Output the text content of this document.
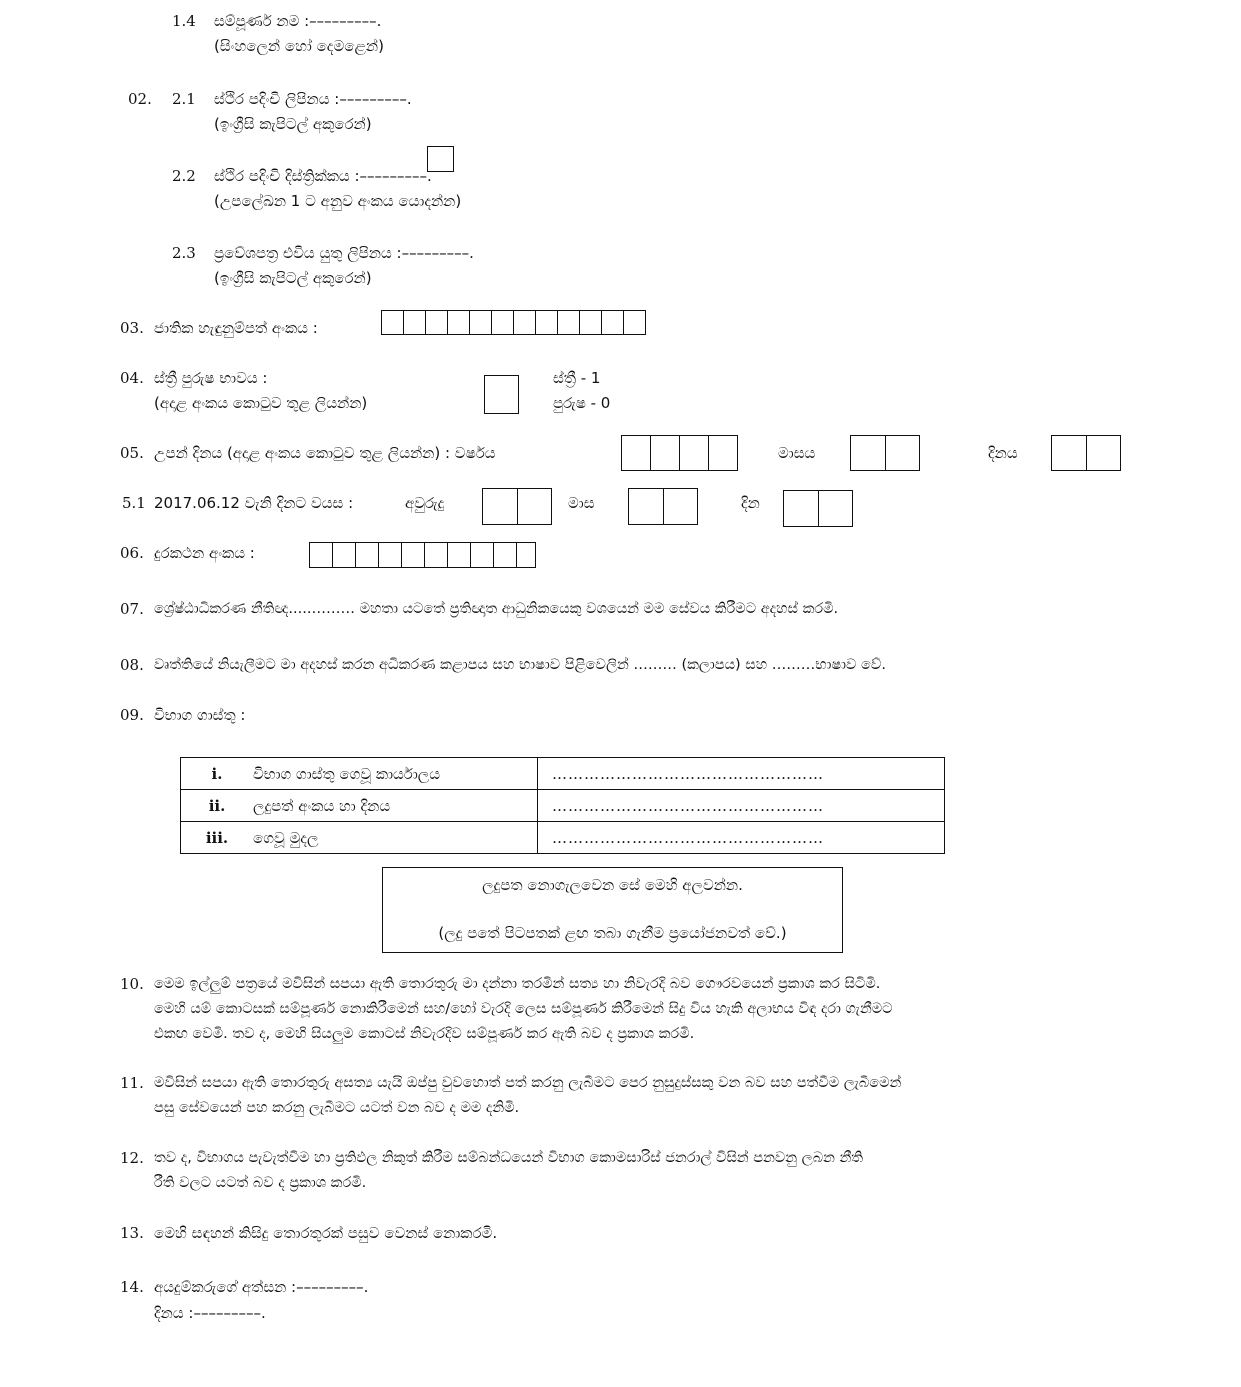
1.4 සම්පූර්ණ නම :–––––––––.
(සිංහලෙන් හෝ දෙමළෙන්)
02. 2.1 ස්ථිර පදිංචි ලිපිනය :–––––––––.
(ඉංග්‍රීසි කැපිටල් අකුරෙන්)
2.2 ස්ථිර පදිංචි දිස්ත්‍රික්කය :–––––––––.
(උපලේඛන 1 ට අනුව අංකය යොදන්න)
2.3 ප්‍රවේශපත්‍ර එවිය යුතු ලිපිනය :–––––––––.
(ඉංග්‍රීසි කැපිටල් අකුරෙන්)
03. ජාතික හැඳුනුම්පත් අංකය :
04. ස්ත්‍රී පුරුෂ භාවය :
(අදාළ අංකය කොටුව තුළ ලියන්න)
ස්ත්‍රී - 1
පුරුෂ - 0
05. උපන් දිනය (අදාළ අංකය කොටුව තුළ ලියන්න) : වර්ෂය	මාසය	දිනය
5.1 2017.06.12 වැනි දිනට වයස :	අවුරුදු	මාස	දින
06. දුරකථන අංකය :
07. ශ්‍රේෂ්ඨාධිකරණ නීතිඥ.....……… මහතා යටතේ ප්‍රතිඥාත ආධුනිකයෙකු වශයෙන් මම සේවය කිරීමට අදහස් කරමි.
08. වෘත්තියේ නියැලීමට මා අදහස් කරන අධිකරණ කළාපය සහ භාෂාව පිළිවෙලින් ……… (කලාපය) සහ ………භාෂාව වේ.
09. විභාග ගාස්තු :
i. විභාග ගාස්තු ගෙවූ කාර්යාලය	……………………………………………
ii. ලදුපත් අංකය හා දිනය	……………………………………………
iii. ගෙවූ මුදල	……………………………………………
ලදුපත නොගැලවෙන සේ මෙහි අලවන්න.
(ලදු පතේ පිටපතක් ළඟ තබා ගැනීම ප්‍රයෝජනවත් වේ.)
10. මෙම ඉල්ලුම් පත්‍රයේ මවිසින් සපයා ඇති තොරතුරු මා දන්නා තරමින් සත්‍ය හා නිවැරදි බව ගෞරවයෙන් ප්‍රකාශ කර සිටිමි.
මෙහි යම් කොටසක් සම්පූර්ණ නොකිරීමෙන් සහ/හෝ වැරදි ලෙස සම්පූර්ණ කිරීමෙන් සිදු විය හැකි අලාභය විඳ දරා ගැනීමට
එකඟ වෙමි. තව ද, මෙහි සියලුම කොටස් නිවැරදිව සම්පූර්ණ කර ඇති බව ද ප්‍රකාශ කරමි.
11. මවිසින් සපයා ඇති තොරතුරු අසත්‍ය යැයි ඔප්පු වුවහොත් පත් කරනු ලැබීමට පෙර නුසුදුස්සකු වන බව සහ පත්වීම ලැබීමෙන්
පසු සේවයෙන් පහ කරනු ලැබීමට යටත් වන බව ද මම දනිමි.
12. තව ද, විභාගය පැවැත්වීම හා ප්‍රතිඵල නිකුත් කිරීම සම්බන්ධයෙන් විභාග කොමසාරිස් ජනරාල් විසින් පනවනු ලබන නීති
රීති වලට යටත් බව ද ප්‍රකාශ කරමි.
13. මෙහි සඳහන් කිසිදු තොරතුරක් පසුව වෙනස් නොකරමි.
14. අයදුම්කරුගේ අත්සන :–––––––––.
දිනය :–––––––––.
